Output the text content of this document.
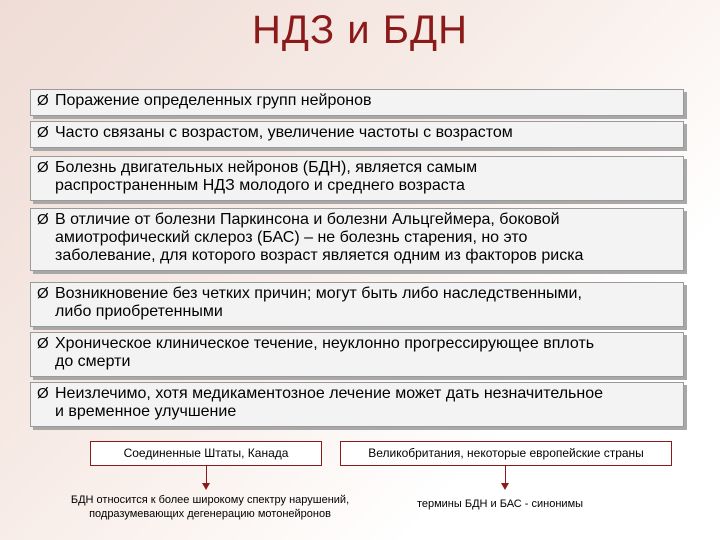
НДЗ и БДН
Ø Поражение определенных групп нейронов
Ø Часто связаны с возрастом, увеличение частоты с возрастом
Ø Болезнь двигательных нейронов (БДН), является самым
распространенным НДЗ молодого и среднего возраста
Ø В отличие от болезни Паркинсона и болезни Альцгеймера, боковой
амиотрофический склероз (БАС) – не болезнь старения, но это
заболевание, для которого возраст является одним из факторов риска
Ø Возникновение без четких причин; могут быть либо наследственными,
либо приобретенными
Ø Хроническое клиническое течение, неуклонно прогрессирующее вплоть
до смерти
Ø Неизлечимо, хотя медикаментозное лечение может дать незначительное
и временное улучшение
Соединенные Штаты, Канада	Великобритания, некоторые европейские страны
БДН относится к более широкому спектру нарушений,
подразумевающих дегенерацию мотонейронов
термины БДН и БАС - синонимы
